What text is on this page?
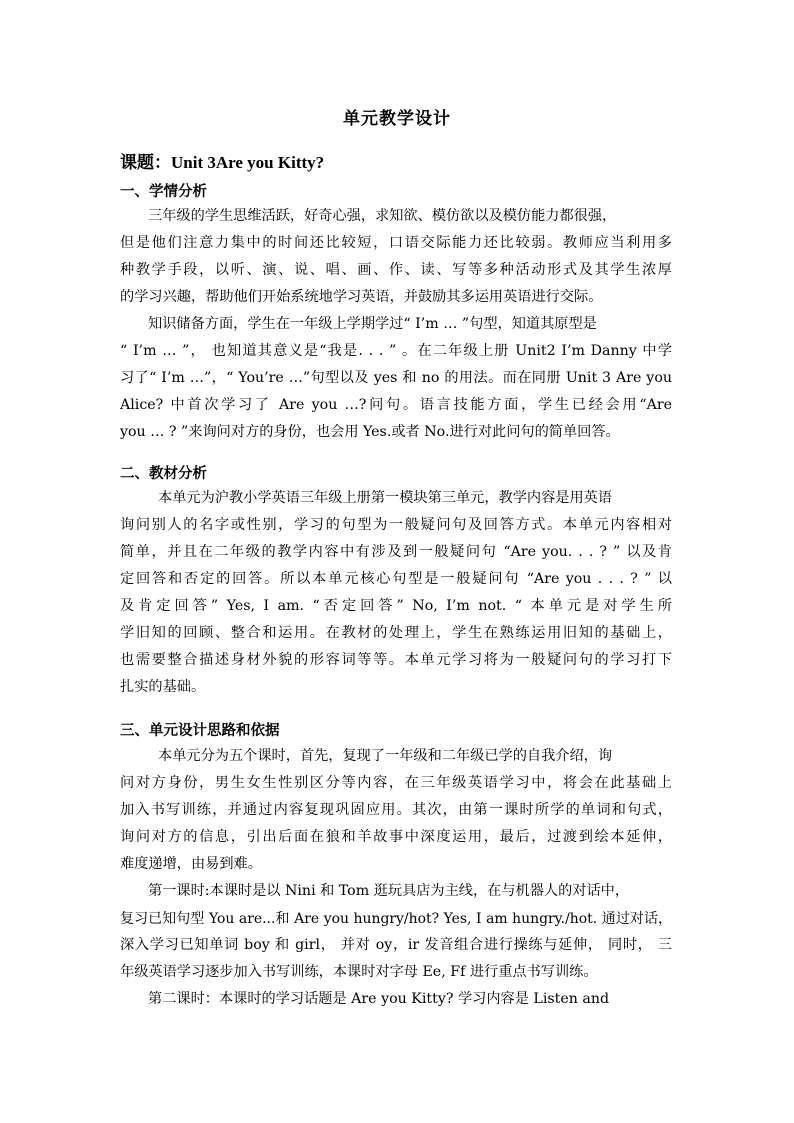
单元教学设计
课题：Unit 3Are you Kitty?
一、学情分析
三年级的学生思维活跃，好奇心强，求知欲、模仿欲以及模仿能力都很强，
但是他们注意力集中的时间还比较短，口语交际能力还比较弱。教师应当利用多
种教学手段，以听、演、说、唱、画、作、读、写等多种活动形式及其学生浓厚
的学习兴趣，帮助他们开始系统地学习英语，并鼓励其多运用英语进行交际。
知识储备方面，学生在一年级上学期学过“ I’m … ”句型，知道其原型是
“ I’m … ”， 也知道其意义是“我是. . . ” 。在二年级上册 Unit2 I’m Danny 中学
习了“ I’m …”，“ You’re …”句型以及 yes 和 no 的用法。而在同册 Unit 3 Are you
Alice? 中首次学习了 Are you …?问句。语言技能方面，学生已经会用“Are
you … ? ”来询问对方的身份，也会用 Yes.或者 No.进行对此问句的简单回答。
二、教材分析
本单元为沪教小学英语三年级上册第一模块第三单元，教学内容是用英语
询问别人的名字或性别，学习的句型为一般疑问句及回答方式。本单元内容相对
简单，并且在二年级的教学内容中有涉及到一般疑问句 “Are you. . . ? ” 以及肯
定回答和否定的回答。所以本单元核心句型是一般疑问句 “Are you . . . ? ” 以
及肯定回答” Yes, I am. “否定回答” No, I’m not. “ 本单元是对学生所
学旧知的回顾、整合和运用。在教材的处理上，学生在熟练运用旧知的基础上，
也需要整合描述身材外貌的形容词等等。本单元学习将为一般疑问句的学习打下
扎实的基础。
三、单元设计思路和依据
本单元分为五个课时，首先，复现了一年级和二年级已学的自我介绍，询
问对方身份，男生女生性别区分等内容，在三年级英语学习中，将会在此基础上
加入书写训练，并通过内容复现巩固应用。其次，由第一课时所学的单词和句式，
询问对方的信息，引出后面在狼和羊故事中深度运用，最后，过渡到绘本延伸，
难度递增，由易到难。
第一课时:本课时是以 Nini 和 Tom 逛玩具店为主线，在与机器人的对话中，
复习已知句型 You are...和 Are you hungry/hot? Yes, I am hungry./hot. 通过对话，
深入学习已知单词 boy 和 girl， 并对 oy，ir 发音组合进行操练与延伸， 同时， 三
年级英语学习逐步加入书写训练，本课时对字母 Ee, Ff 进行重点书写训练。
第二课时：本课时的学习话题是 Are you Kitty? 学习内容是 Listen and
